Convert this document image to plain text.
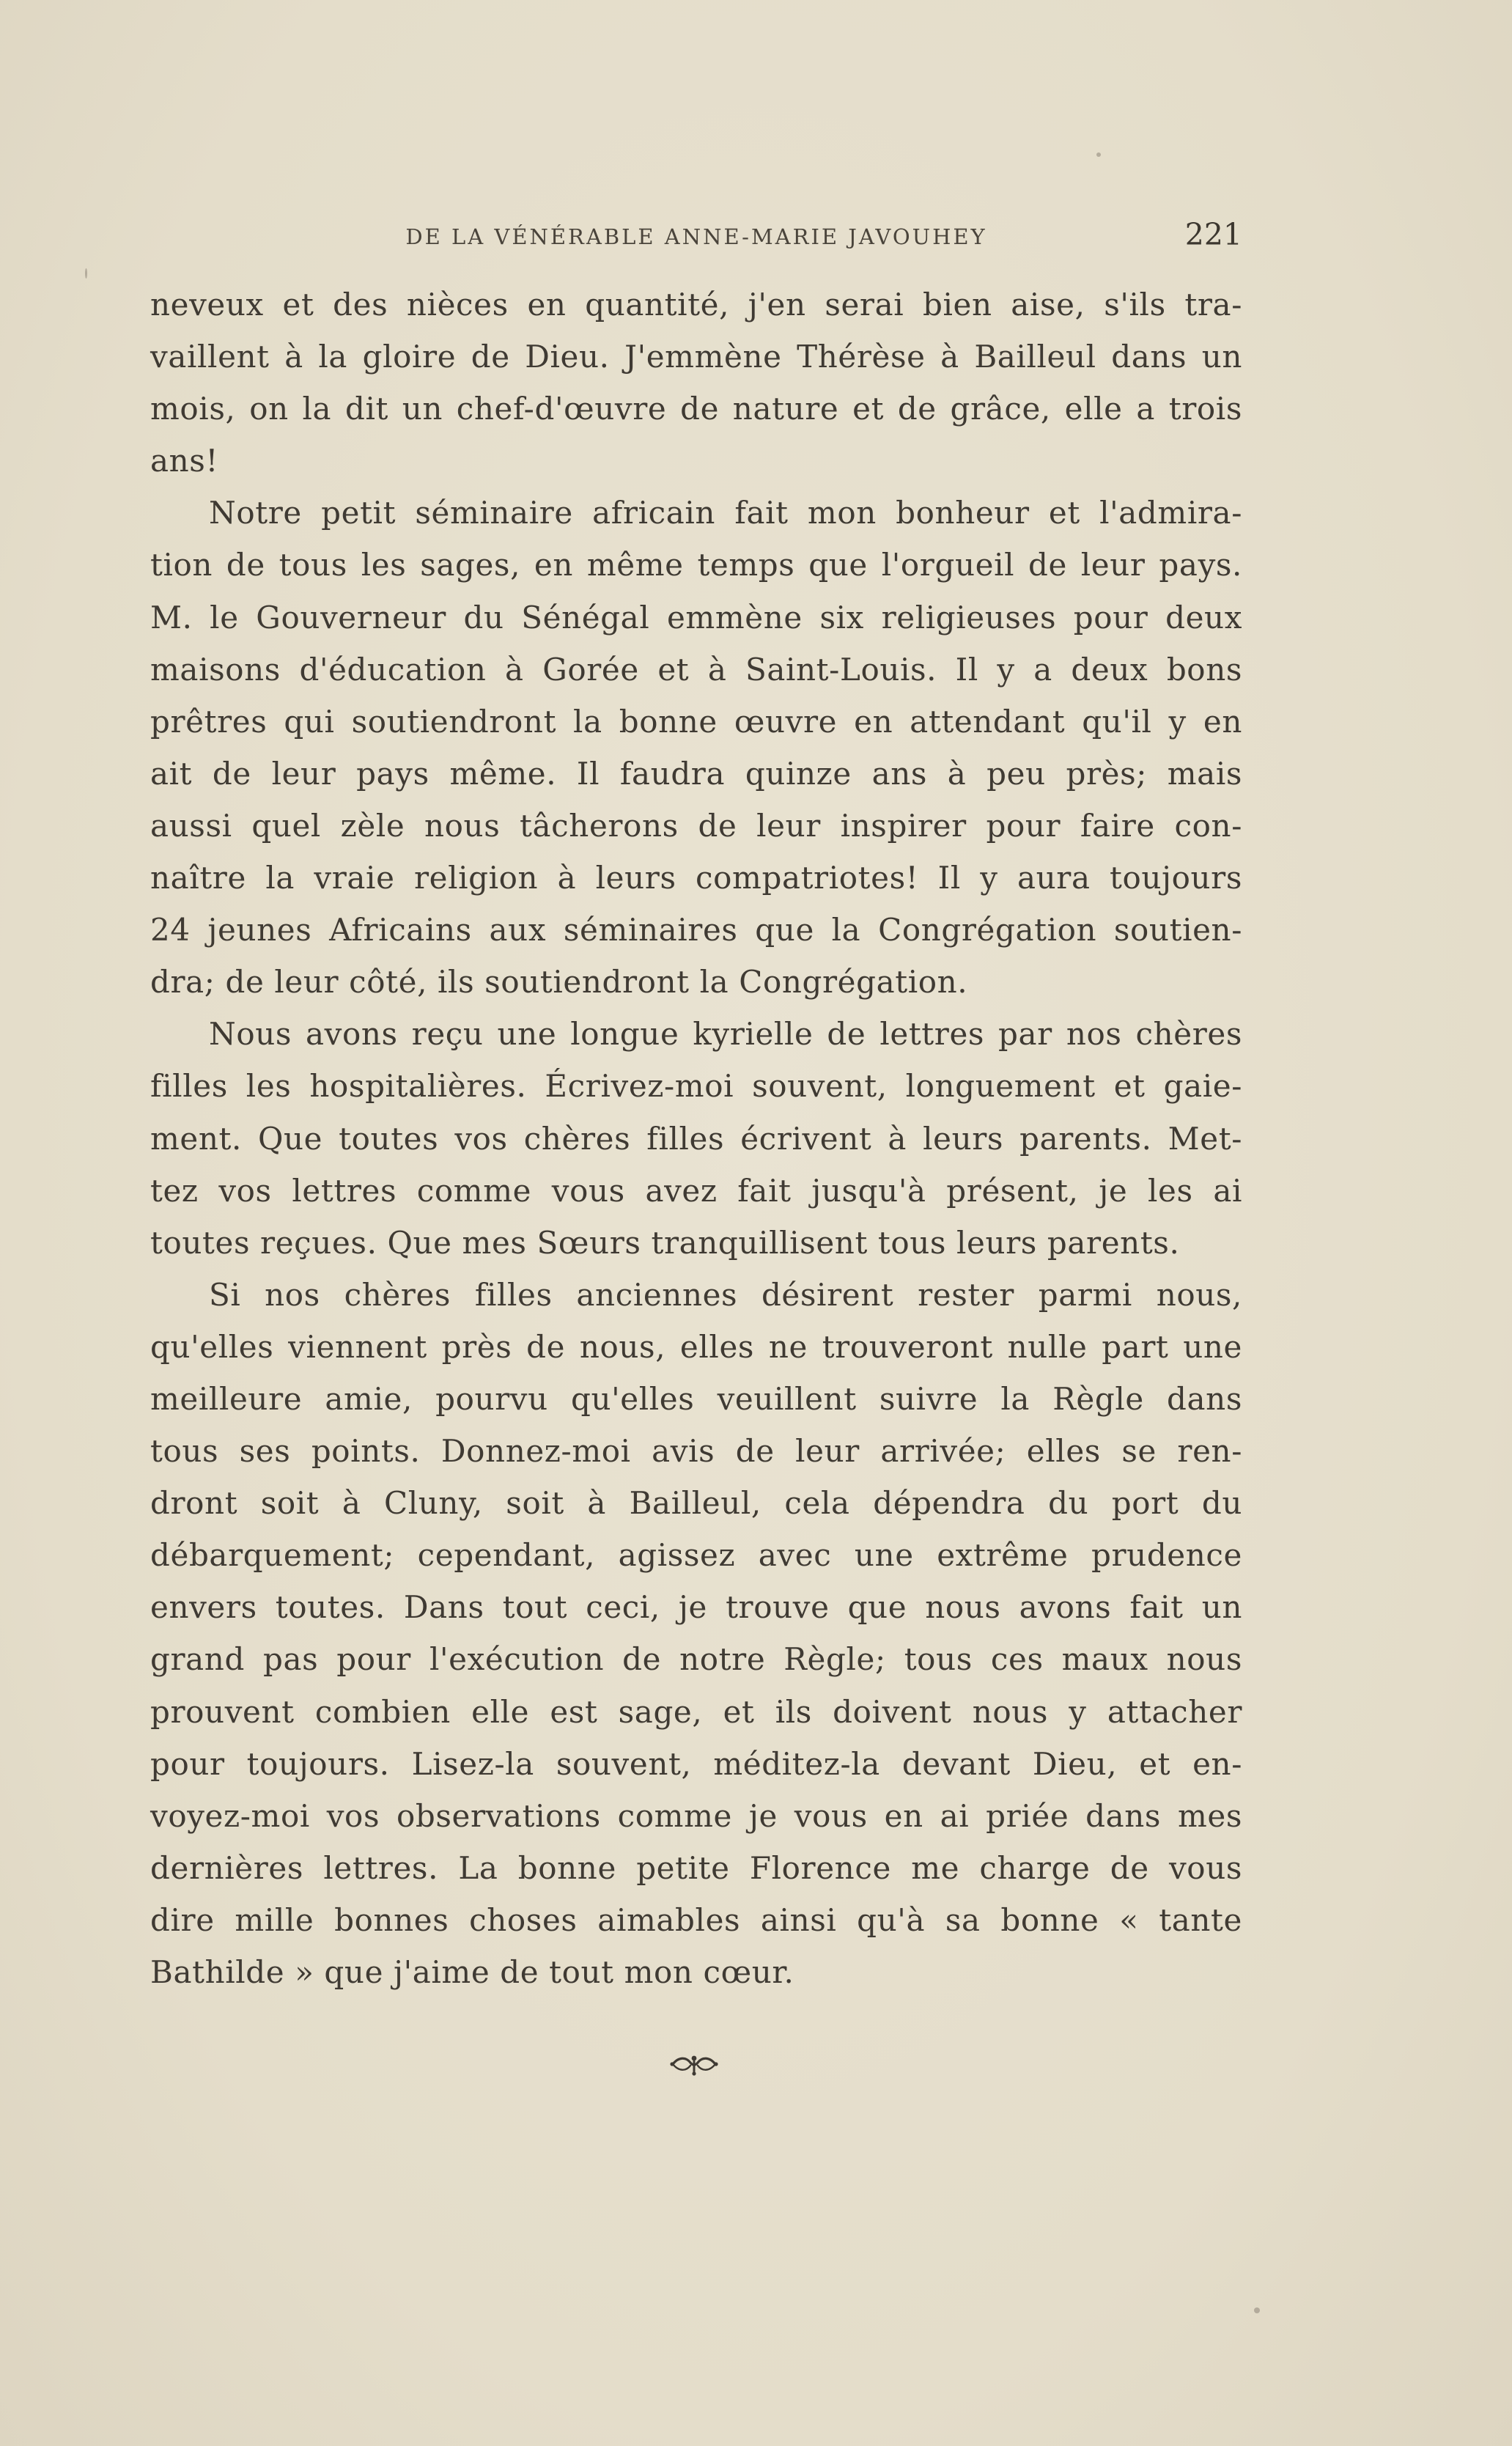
DE LA VÉNÉRABLE ANNE-MARIE JAVOUHEY	221
neveux et des nièces en quantité, j'en serai bien aise, s'ils tra-
vaillent à la gloire de Dieu. J'emmène Thérèse à Bailleul dans un
mois, on la dit un chef-d'œuvre de nature et de grâce, elle a trois
ans!
Notre petit séminaire africain fait mon bonheur et l'admira-
tion de tous les sages, en même temps que l'orgueil de leur pays.
M. le Gouverneur du Sénégal emmène six religieuses pour deux
maisons d'éducation à Gorée et à Saint-Louis. Il y a deux bons
prêtres qui soutiendront la bonne œuvre en attendant qu'il y en
ait de leur pays même. Il faudra quinze ans à peu près; mais
aussi quel zèle nous tâcherons de leur inspirer pour faire con-
naître la vraie religion à leurs compatriotes! Il y aura toujours
24 jeunes Africains aux séminaires que la Congrégation soutien-
dra; de leur côté, ils soutiendront la Congrégation.
Nous avons reçu une longue kyrielle de lettres par nos chères
filles les hospitalières. Écrivez-moi souvent, longuement et gaie-
ment. Que toutes vos chères filles écrivent à leurs parents. Met-
tez vos lettres comme vous avez fait jusqu'à présent, je les ai
toutes reçues. Que mes Sœurs tranquillisent tous leurs parents.
Si nos chères filles anciennes désirent rester parmi nous,
qu'elles viennent près de nous, elles ne trouveront nulle part une
meilleure amie, pourvu qu'elles veuillent suivre la Règle dans
tous ses points. Donnez-moi avis de leur arrivée; elles se ren-
dront soit à Cluny, soit à Bailleul, cela dépendra du port du
débarquement; cependant, agissez avec une extrême prudence
envers toutes. Dans tout ceci, je trouve que nous avons fait un
grand pas pour l'exécution de notre Règle; tous ces maux nous
prouvent combien elle est sage, et ils doivent nous y attacher
pour toujours. Lisez-la souvent, méditez-la devant Dieu, et en-
voyez-moi vos observations comme je vous en ai priée dans mes
dernières lettres. La bonne petite Florence me charge de vous
dire mille bonnes choses aimables ainsi qu'à sa bonne « tante
Bathilde » que j'aime de tout mon cœur.
